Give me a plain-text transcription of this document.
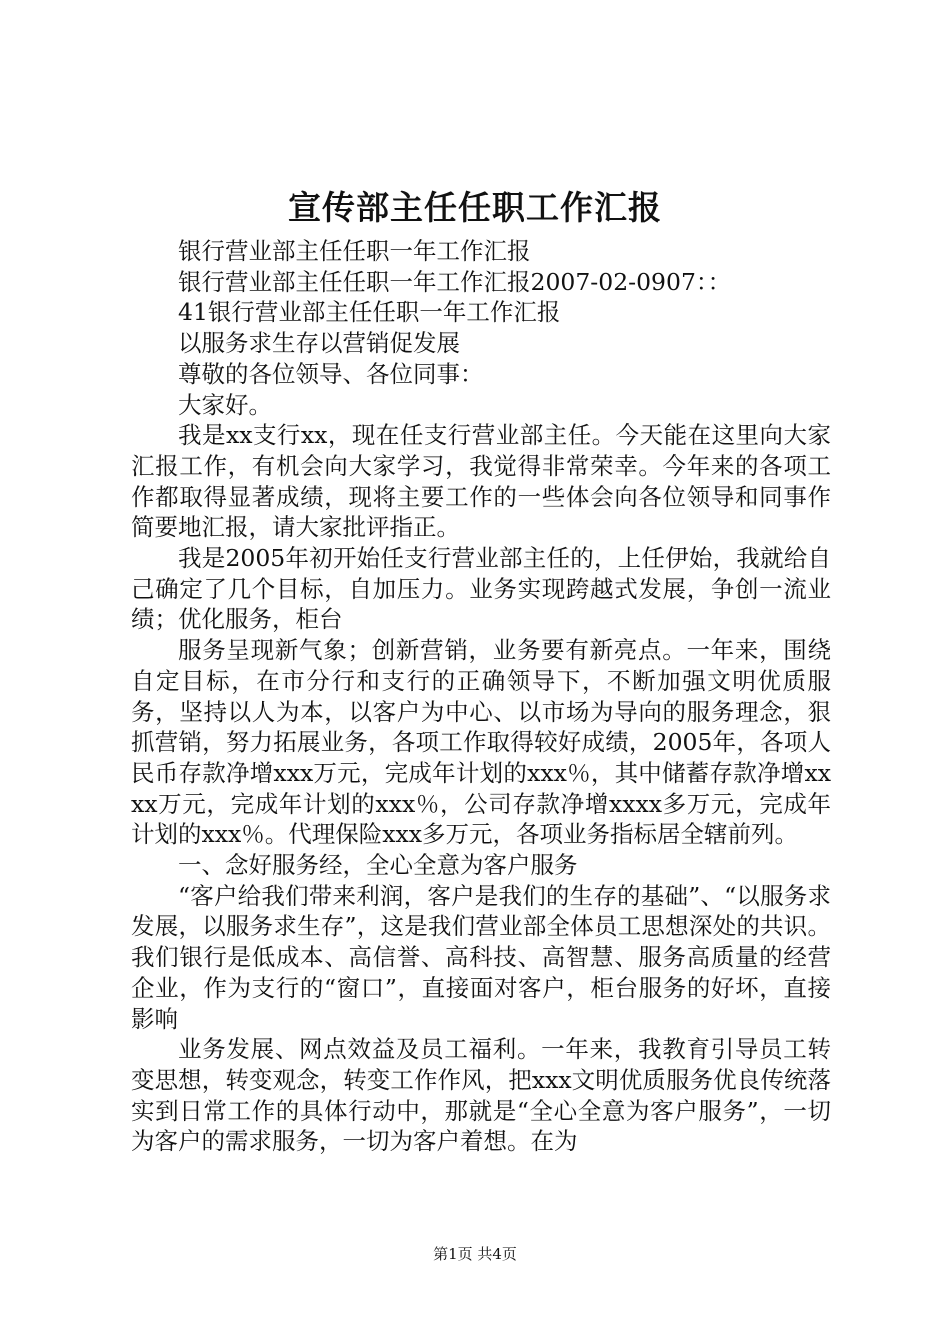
宣传部主任任职工作汇报

银行营业部主任任职一年工作汇报

银行营业部主任任职一年工作汇报2007-02-0907：：

41银行营业部主任任职一年工作汇报

以服务求生存以营销促发展

尊敬的各位领导、各位同事：

大家好。

我是xx支行xx，现在任支行营业部主任。今天能在这里向大家汇报工作，有机会向大家学习，我觉得非常荣幸。今年来的各项工作都取得显著成绩，现将主要工作的一些体会向各位领导和同事作简要地汇报，请大家批评指正。

我是2005年初开始任支行营业部主任的，上任伊始，我就给自己确定了几个目标，自加压力。业务实现跨越式发展，争创一流业绩；优化服务，柜台

服务呈现新气象；创新营销，业务要有新亮点。一年来，围绕自定目标，在市分行和支行的正确领导下，不断加强文明优质服务，坚持以人为本，以客户为中心、以市场为导向的服务理念，狠抓营销，努力拓展业务，各项工作取得较好成绩，2005年，各项人民币存款净增xxx万元，完成年计划的xxx％，其中储蓄存款净增xxxx万元，完成年计划的xxx％，公司存款净增xxxx多万元，完成年计划的xxx％。代理保险xxx多万元，各项业务指标居全辖前列。

一、念好服务经，全心全意为客户服务

“客户给我们带来利润，客户是我们的生存的基础”、“以服务求发展，以服务求生存”，这是我们营业部全体员工思想深处的共识。我们银行是低成本、高信誉、高科技、高智慧、服务高质量的经营企业，作为支行的“窗口”，直接面对客户，柜台服务的好坏，直接影响

业务发展、网点效益及员工福利。一年来，我教育引导员工转变思想，转变观念，转变工作作风，把xxx文明优质服务优良传统落实到日常工作的具体行动中，那就是“全心全意为客户服务”，一切为客户的需求服务，一切为客户着想。在为

第1页 共4页
